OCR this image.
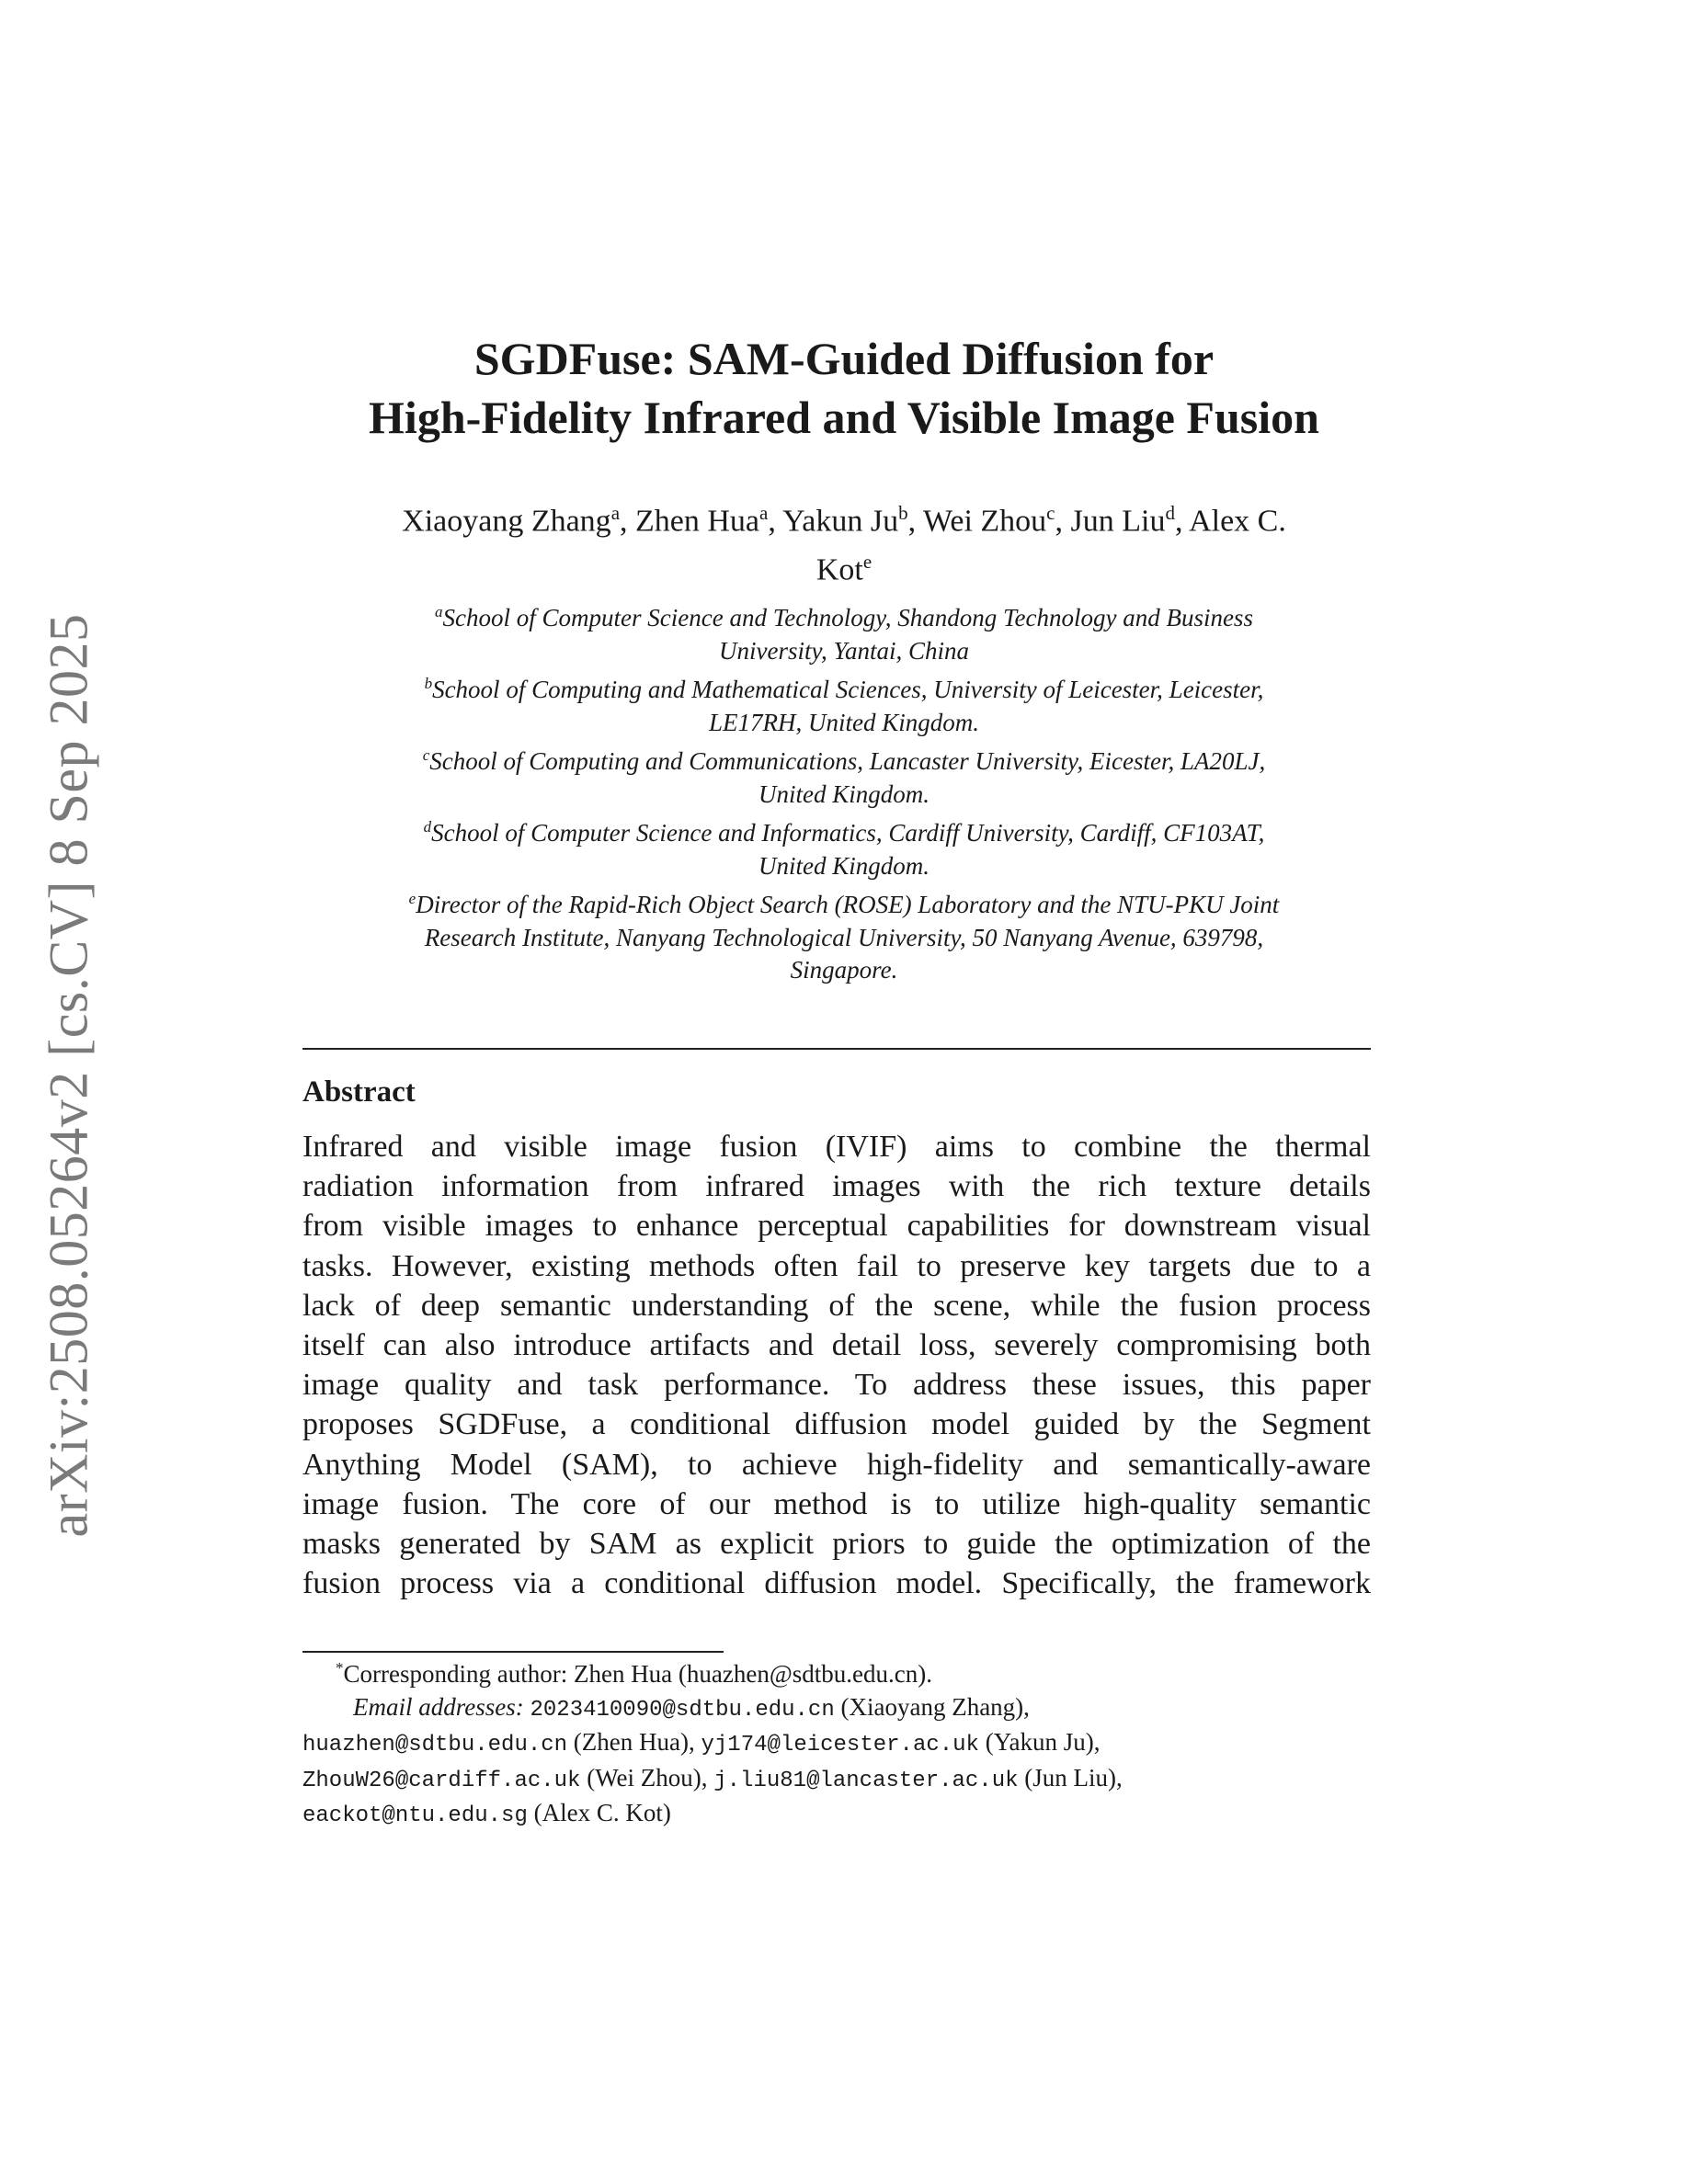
arXiv:2508.05264v2 [cs.CV] 8 Sep 2025
SGDFuse: SAM-Guided Diffusion for
High-Fidelity Infrared and Visible Image Fusion
Xiaoyang Zhang$^a$, Zhen Hua$^a$, Yakun Ju$^b$, Wei Zhou$^c$, Jun Liu$^d$, Alex C.
Kot$^e$
$^a$School of Computer Science and Technology, Shandong Technology and Business
University, Yantai, China
$^b$School of Computing and Mathematical Sciences, University of Leicester, Leicester,
LE17RH, United Kingdom.
$^c$School of Computing and Communications, Lancaster University, Eicester, LA20LJ,
United Kingdom.
$^d$School of Computer Science and Informatics, Cardiff University, Cardiff, CF103AT,
United Kingdom.
$^e$Director of the Rapid-Rich Object Search (ROSE) Laboratory and the NTU-PKU Joint
Research Institute, Nanyang Technological University, 50 Nanyang Avenue, 639798,
Singapore.
Abstract
Infrared and visible image fusion (IVIF) aims to combine the thermal
radiation information from infrared images with the rich texture details
from visible images to enhance perceptual capabilities for downstream visual
tasks. However, existing methods often fail to preserve key targets due to a
lack of deep semantic understanding of the scene, while the fusion process
itself can also introduce artifacts and detail loss, severely compromising both
image quality and task performance. To address these issues, this paper
proposes SGDFuse, a conditional diffusion model guided by the Segment
Anything Model (SAM), to achieve high-fidelity and semantically-aware
image fusion. The core of our method is to utilize high-quality semantic
masks generated by SAM as explicit priors to guide the optimization of the
fusion process via a conditional diffusion model. Specifically, the framework
*Corresponding author: Zhen Hua (huazhen@sdtbu.edu.cn).
Email addresses: 2023410090@sdtbu.edu.cn (Xiaoyang Zhang),
huazhen@sdtbu.edu.cn (Zhen Hua), yj174@leicester.ac.uk (Yakun Ju),
ZhouW26@cardiff.ac.uk (Wei Zhou), j.liu81@lancaster.ac.uk (Jun Liu),
eackot@ntu.edu.sg (Alex C. Kot)
